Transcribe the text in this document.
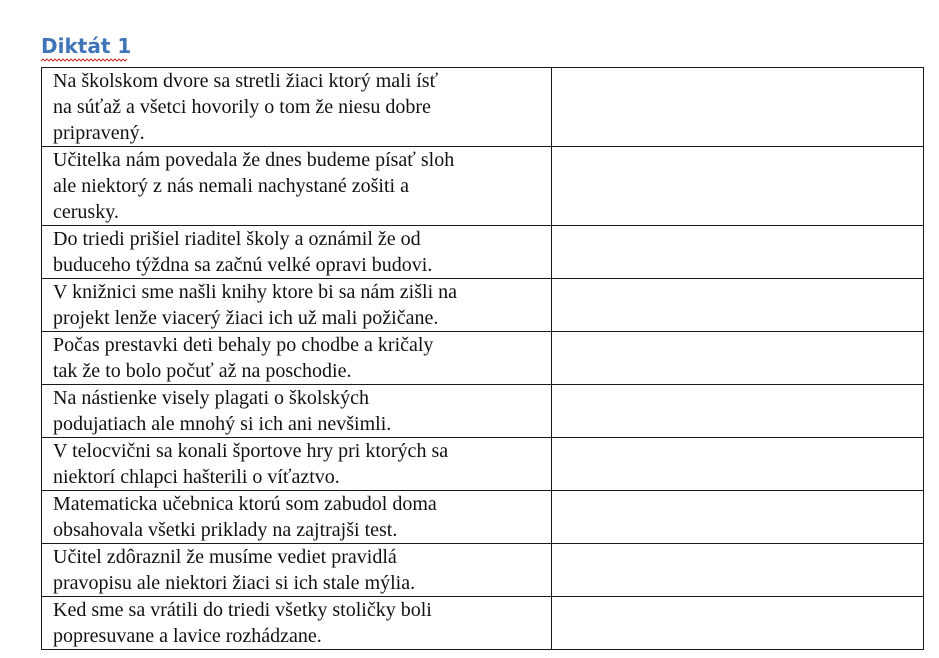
Diktát 1
Na školskom dvore sa stretli žiaci ktorý mali ísť
na súťaž a všetci hovorily o tom že niesu dobre
pripravený.	
Učitelka nám povedala že dnes budeme písať sloh
ale niektorý z nás nemali nachystané zošiti a
cerusky.	
Do triedi prišiel riaditel školy a oznámil že od
buduceho týždna sa začnú velké opravi budovi.	
V knižnici sme našli knihy ktore bi sa nám zišli na
projekt lenže viacerý žiaci ich už mali požičane.	
Počas prestavki deti behaly po chodbe a kričaly
tak že to bolo počuť až na poschodie.	
Na nástienke visely plagati o školských
podujatiach ale mnohý si ich ani nevšimli.	
V telocvični sa konali športove hry pri ktorých sa
niektorí chlapci hašterili o víťaztvo.	
Matematicka učebnica ktorú som zabudol doma
obsahovala všetki priklady na zajtrajši test.	
Učitel zdôraznil že musíme vediet pravidlá
pravopisu ale niektori žiaci si ich stale mýlia.	
Ked sme sa vrátili do triedi všetky stoličky boli
popresuvane a lavice rozhádzane.	
